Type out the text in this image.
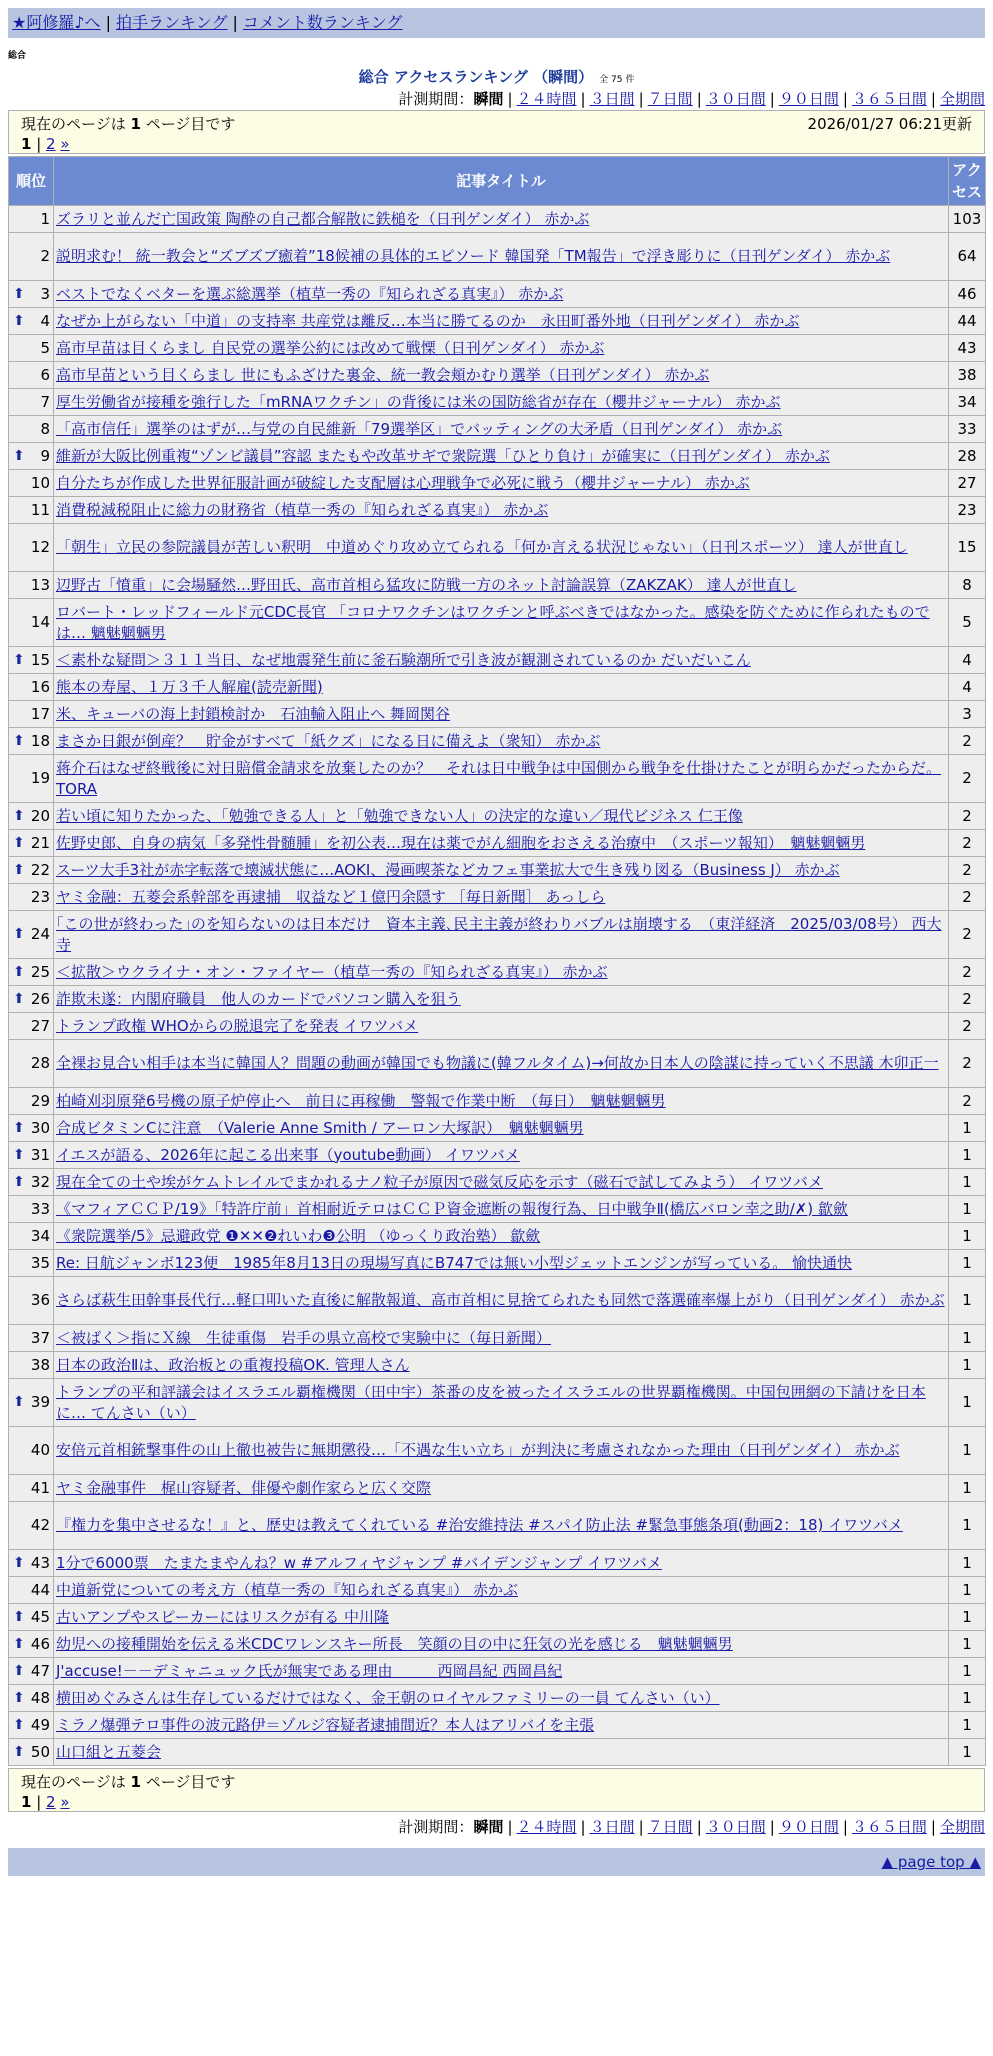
★阿修羅♪へ | 拍手ランキング | コメント数ランキング
総合
総合 アクセスランキング （瞬間） 全 75 件
計測期間：瞬間 | ２４時間 | ３日間 | ７日間 | ３０日間 | ９０日間 | ３６５日間 | 全期間
現在のページは 1 ページ目です	2026/01/27 06:21更新
1 | 2 »
順位	記事タイトル	アクセス
1	ズラリと並んだ亡国政策 陶酔の自己都合解散に鉄槌を（日刊ゲンダイ） 赤かぶ	103
2	説明求む！ 統一教会と“ズブズブ癒着”18候補の具体的エピソード 韓国発「TM報告」で浮き彫りに（日刊ゲンダイ） 赤かぶ	64

⬆ 3	ベストでなくベターを選ぶ総選挙（植草一秀の『知られざる真実』） 赤かぶ	46

⬆ 4	なぜか上がらない「中道」の支持率 共産党は離反…本当に勝てるのか　永田町番外地（日刊ゲンダイ） 赤かぶ	44
5	高市早苗は目くらまし 自民党の選挙公約には改めて戦慄（日刊ゲンダイ） 赤かぶ	43
6	高市早苗という目くらまし 世にもふざけた裏金、統一教会頬かむり選挙（日刊ゲンダイ） 赤かぶ	38
7	厚生労働省が接種を強行した「mRNAワクチン」の背後には米の国防総省が存在（櫻井ジャーナル） 赤かぶ	34
8	「高市信任」選挙のはずが…与党の自民維新「79選挙区」でバッティングの大矛盾（日刊ゲンダイ） 赤かぶ	33

⬆ 9	維新が大阪比例重複“ゾンビ議員”容認 またもや改革サギで衆院選「ひとり負け」が確実に（日刊ゲンダイ） 赤かぶ	28
10	自分たちが作成した世界征服計画が破綻した支配層は心理戦争で必死に戦う（櫻井ジャーナル） 赤かぶ	27
11	消費税減税阻止に総力の財務省（植草一秀の『知られざる真実』） 赤かぶ	23
12	「朝生」立民の参院議員が苦しい釈明　中道めぐり攻め立てられる「何か言える状況じゃない」（日刊スポーツ） 達人が世直し	15
13	辺野古「憤重」に会場騒然…野田氏、高市首相ら猛攻に防戦一方のネット討論誤算（ZAKZAK） 達人が世直し	8
14	ロバート・レッドフィールド元CDC長官 「コロナワクチンはワクチンと呼ぶべきではなかった。感染を防ぐために作られたものでは… 魑魅魍魎男	5

⬆ 15	＜素朴な疑問＞３１１当日、なぜ地震発生前に釜石験潮所で引き波が観測されているのか だいだいこん	4
16	熊本の寿屋、１万３千人解雇(読売新聞)	4
17	米、キューバの海上封鎖検討か　石油輸入阻止へ 舞岡関谷	3

⬆ 18	まさか日銀が倒産？　貯金がすべて「紙クズ」になる日に備えよ（衆知） 赤かぶ	2
19	蒋介石はなぜ終戦後に対日賠償金請求を放棄したのか？　それは日中戦争は中国側から戦争を仕掛けたことが明らかだったからだ。 TORA	2

⬆ 20	若い頃に知りたかった、「勉強できる人」と「勉強できない人」の決定的な違い／現代ビジネス 仁王像	2

⬆ 21	佐野史郎、自身の病気「多発性骨髄腫」を初公表…現在は薬でがん細胞をおさえる治療中　（スポーツ報知）　魑魅魍魎男	2

⬆ 22	スーツ大手3社が赤字転落で壊滅状態に…AOKI、漫画喫茶などカフェ事業拡大で生き残り図る（Business J） 赤かぶ	2
23	ヤミ金融：五菱会系幹部を再逮捕　収益など１億円余隠す ［毎日新聞］ あっしら	2

⬆ 24	｢この世が終わった｣のを知らないのは日本だけ　資本主義､民主主義が終わりバブルは崩壊する　（東洋経済　2025/03/08号） 西大寺	2

⬆ 25	＜拡散＞ウクライナ・オン・ファイヤー（植草一秀の『知られざる真実』） 赤かぶ	2

⬆ 26	詐欺未遂：内閣府職員　他人のカードでパソコン購入を狙う	2
27	トランプ政権 WHOからの脱退完了を発表 イワツバメ	2
28	全裸お見合い相手は本当に韓国人？問題の動画が韓国でも物議に(韓フルタイム)→何故か日本人の陰謀に持っていく不思議 木卯正一	2
29	柏崎刈羽原発6号機の原子炉停止へ　前日に再稼働　警報で作業中断　（毎日）　魑魅魍魎男	2

⬆ 30	合成ビタミンCに注意　（Valerie Anne Smith / アーロン大塚訳）　魑魅魍魎男	1

⬆ 31	イエスが語る、2026年に起こる出来事（youtube動画） イワツバメ	1

⬆ 32	現在全ての土や埃がケムトレイルでまかれるナノ粒子が原因で磁気反応を示す（磁石で試してみよう） イワツバメ	1
33	《マフィアＣＣＰ/19》「特許庁前」首相耐近テロはＣＣＰ資金遮断の報復行為、日中戦争Ⅱ(橋広バロン幸之助/✗) 歙歛	1
34	《衆院選挙/5》忌避政党 ❶✕✕❷れいわ❸公明 （ゆっくり政治塾） 歙歛	1
35	Re: 日航ジャンボ123便　1985年8月13日の現場写真にB747では無い小型ジェットエンジンが写っている。 愉快通快	1
36	さらば萩生田幹事長代行…軽口叩いた直後に解散報道、高市首相に見捨てられたも同然で落選確率爆上がり（日刊ゲンダイ） 赤かぶ	1
37	＜被ばく＞指にＸ線　生徒重傷　岩手の県立高校で実験中に（毎日新聞）	1
38	日本の政治Ⅱは、政治板との重複投稿OK. 管理人さん	1

⬆ 39	トランプの平和評議会はイスラエル覇権機関（田中宇）茶番の皮を被ったイスラエルの世界覇権機関。中国包囲網の下請けを日本に… てんさい（い）	1
40	安倍元首相銃撃事件の山上徹也被告に無期懲役…「不遇な生い立ち」が判決に考慮されなかった理由（日刊ゲンダイ） 赤かぶ	1
41	ヤミ金融事件　梶山容疑者、俳優や劇作家らと広く交際	1
42	『権力を集中させるな！』と、歴史は教えてくれている #治安維持法 #スパイ防止法 #緊急事態条項(動画2：18) イワツバメ	1

⬆ 43	1分で6000票　たまたまやんね？w #アルフィヤジャンプ #バイデンジャンプ イワツバメ	1
44	中道新党についての考え方（植草一秀の『知られざる真実』） 赤かぶ	1

⬆ 45	古いアンプやスピーカーにはリスクが有る 中川隆	1

⬆ 46	幼児への接種開始を伝える米CDCワレンスキー所長　笑顔の目の中に狂気の光を感じる　魑魅魍魎男	1

⬆ 47	J'accuse!－－デミャニュック氏が無実である理由　　　西岡昌紀 西岡昌紀	1

⬆ 48	横田めぐみさんは生存しているだけではなく、金王朝のロイヤルファミリーの一員 てんさい（い）	1

⬆ 49	ミラノ爆弾テロ事件の波元路伊＝ゾルジ容疑者逮捕間近？本人はアリバイを主張	1

⬆ 50	山口組と五菱会	1
現在のページは 1 ページ目です
1 | 2 »
計測期間：瞬間 | ２４時間 | ３日間 | ７日間 | ３０日間 | ９０日間 | ３６５日間 | 全期間
▲ page top ▲
